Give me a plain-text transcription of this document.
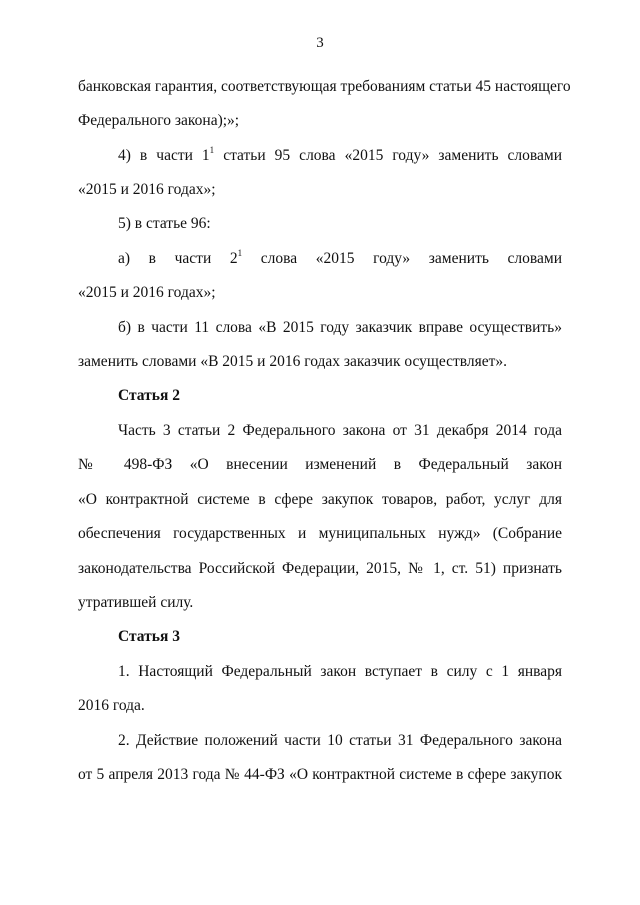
3
банковская гарантия, соответствующая требованиям статьи 45 настоящего
Федерального закона);»;
4) в части $1^1$ статьи 95 слова «2015 году» заменить словами
«2015 и 2016 годах»;
5) в статье 96:
а) в части $2^1$ слова «2015 году» заменить словами
«2015 и 2016 годах»;
б) в части 11 слова «В 2015 году заказчик вправе осуществить»
заменить словами «В 2015 и 2016 годах заказчик осуществляет».
Статья 2
Часть 3 статьи 2 Федерального закона от 31 декабря 2014 года
№ 498-ФЗ «О внесении изменений в Федеральный закон
«О контрактной системе в сфере закупок товаров, работ, услуг для
обеспечения государственных и муниципальных нужд» (Собрание
законодательства Российской Федерации, 2015, № 1, ст. 51) признать
утратившей силу.
Статья 3
1. Настоящий Федеральный закон вступает в силу с 1 января
2016 года.
2. Действие положений части 10 статьи 31 Федерального закона
от 5 апреля 2013 года № 44-ФЗ «О контрактной системе в сфере закупок
